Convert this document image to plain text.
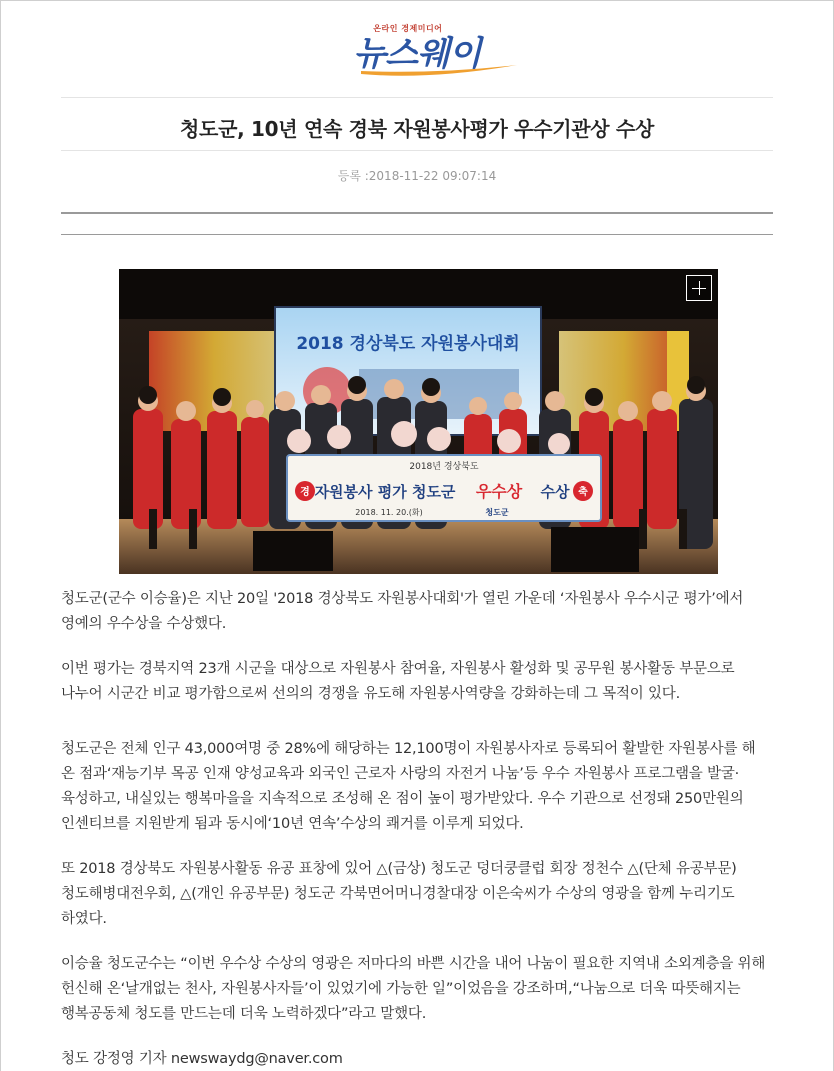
온라인 경제미디어
뉴스웨이
청도군, 10년 연속 경북 자원봉사평가 우수기관상 수상
등록 :2018-11-22 09:07:14
2018 경상북도 자원봉사대회
2018년 경상북도
경 자원봉사 평가 청도군 우수상 수상 축
2018. 11. 20.(화)	청도군

청도군(군수 이승율)은 지난 20일 '2018 경상북도 자원봉사대회'가 열린 가운데 ‘자원봉사 우수시군 평가’에서 영예의 우수상을 수상했다.

이번 평가는 경북지역 23개 시군을 대상으로 자원봉사 참여율, 자원봉사 활성화 및 공무원 봉사활동 부문으로 나누어 시군간 비교 평가함으로써 선의의 경쟁을 유도해 자원봉사역량을 강화하는데 그 목적이 있다.

청도군은 전체 인구 43,000여명 중 28%에 해당하는 12,100명이 자원봉사자로 등록되어 활발한 자원봉사를 해 온 점과‘재능기부 목공 인재 양성교육과 외국인 근로자 사랑의 자전거 나눔’등 우수 자원봉사 프로그램을 발굴·육성하고, 내실있는 행복마을을 지속적으로 조성해 온 점이 높이 평가받았다. 우수 기관으로 선정돼 250만원의 인센티브를 지원받게 됨과 동시에‘10년 연속’수상의 쾌거를 이루게 되었다.

또 2018 경상북도 자원봉사활동 유공 표창에 있어 △(금상) 청도군 덩더쿵클럽 회장 정천수 △(단체 유공부문) 청도해병대전우회, △(개인 유공부문) 청도군 각북면어머니경찰대장 이은숙씨가 수상의 영광을 함께 누리기도 하였다.

이승율 청도군수는 “이번 우수상 수상의 영광은 저마다의 바쁜 시간을 내어 나눔이 필요한 지역내 소외계층을 위해 헌신해 온‘날개없는 천사, 자원봉사자들’이 있었기에 가능한 일”이었음을 강조하며,“나눔으로 더욱 따뜻해지는 행복공동체 청도를 만드는데 더욱 노력하겠다”라고 말했다.

청도 강정영 기자 newswaydg@naver.com
